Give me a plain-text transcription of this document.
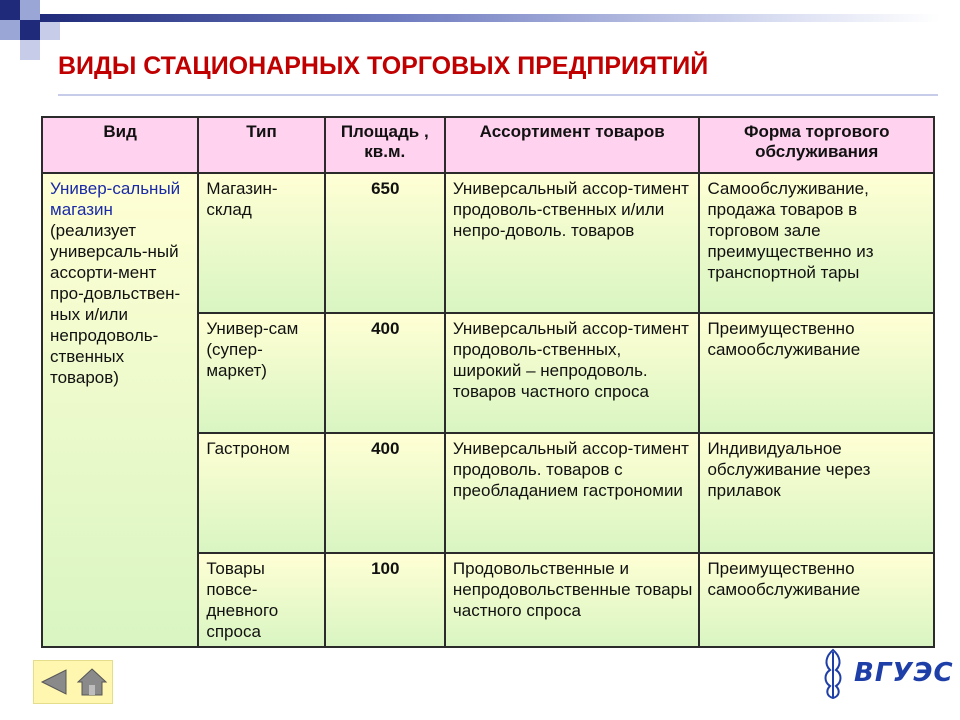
ВИДЫ СТАЦИОНАРНЫХ ТОРГОВЫХ ПРЕДПРИЯТИЙ
Вид	Тип	Площадь , кв.м.	Ассортимент товаров	Форма торгового обслуживания
Универ-сальный магазин (реализует универсаль-ный ассорти-мент про-довльствен-ных и/или непродоволь-ственных товаров)	Магазин-склад	650	Универсальный ассор-тимент продоволь-ственных и/или непро-доволь. товаров	Самообслуживание, продажа товаров в торговом зале преимущественно из транспортной тары
	Универ-сам (супер-маркет)	400	Универсальный ассор-тимент продоволь-ственных, широкий – непродоволь. товаров частного спроса	Преимущественно самообслуживание
	Гастроном	400	Универсальный ассор-тимент продоволь. товаров с преобладанием гастрономии	Индивидуальное обслуживание через прилавок
	Товары повсе-дневного спроса	100	Продовольственные и непродовольственные товары частного спроса	Преимущественно самообслуживание
ВГУЭС
